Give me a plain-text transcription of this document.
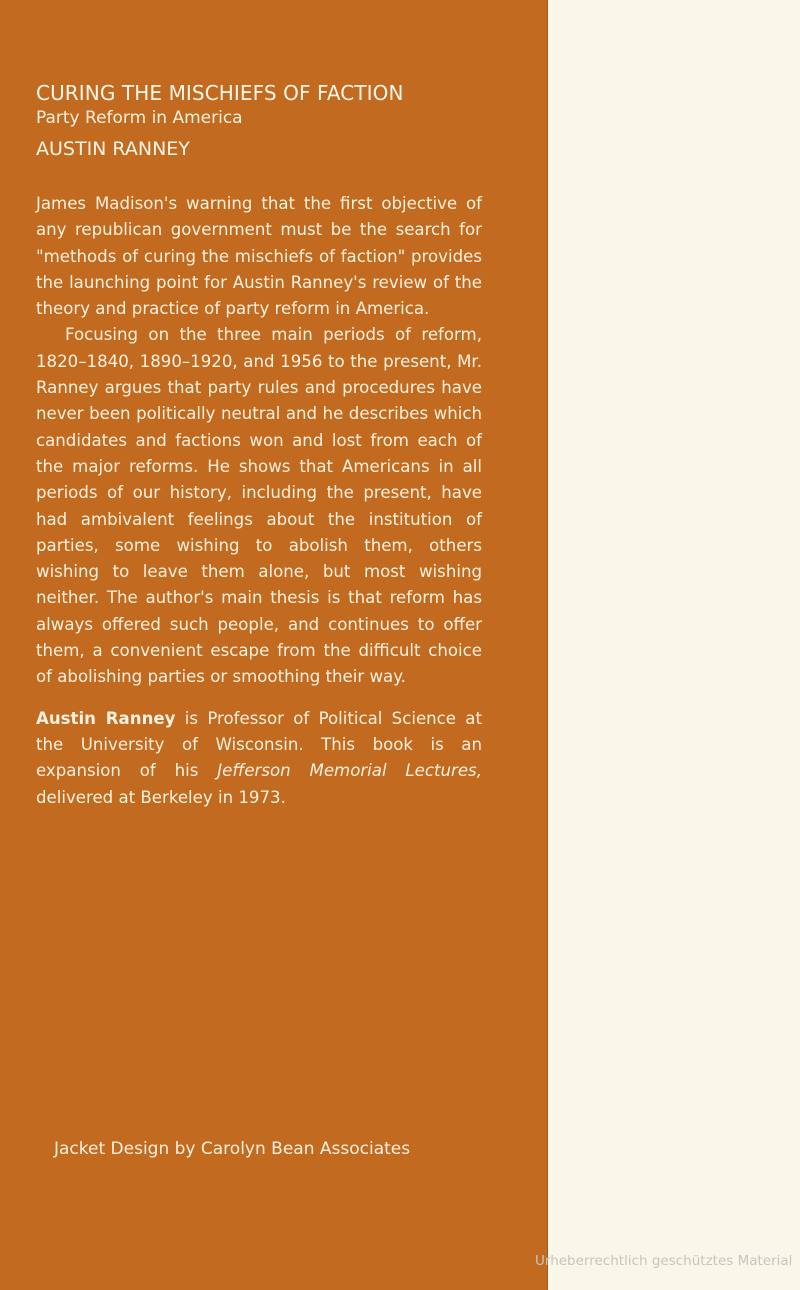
CURING THE MISCHIEFS OF FACTION
Party Reform in America
AUSTIN RANNEY

James Madison's warning that the first objective of any republican government must be the search for "methods of curing the mischiefs of faction" provides the launching point for Austin Ranney's review of the theory and practice of party reform in America.

Focusing on the three main periods of reform, 1820–1840, 1890–1920, and 1956 to the present, Mr. Ranney argues that party rules and procedures have never been politically neutral and he describes which candidates and factions won and lost from each of the major reforms. He shows that Americans in all periods of our history, including the present, have had ambivalent feelings about the institution of parties, some wishing to abolish them, others wishing to leave them alone, but most wishing neither. The author's main thesis is that reform has always offered such people, and continues to offer them, a convenient escape from the difficult choice of abolishing parties or smoothing their way.

Austin Ranney is Professor of Political Science at the University of Wisconsin. This book is an expansion of his Jefferson Memorial Lectures, delivered at Berkeley in 1973.

Jacket Design by Carolyn Bean Associates
Urheberrechtlich geschütztes Material
